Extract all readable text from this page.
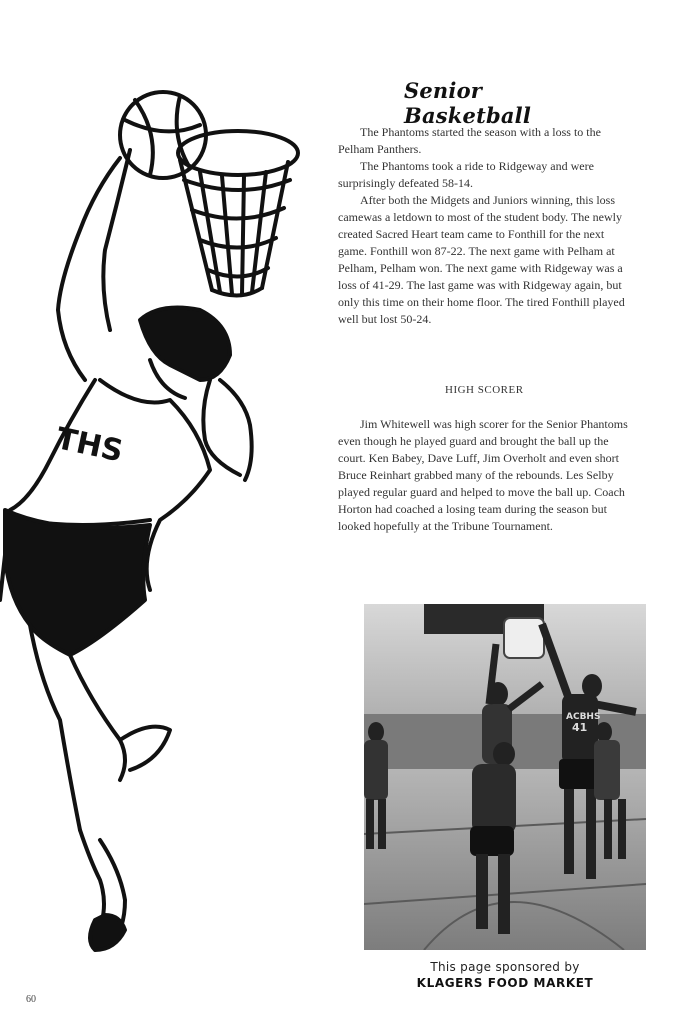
THS
Senior Basketball

The Phantoms started the season with a loss to the Pelham Panthers.

The Phantoms took a ride to Ridgeway and were surprisingly defeated 58-14.

After both the Midgets and Juniors winning, this loss camewas a letdown to most of the student body. The newly created Sacred Heart team came to Fonthill for the next game. Fonthill won 87-22. The next game with Pelham at Pelham, Pelham won. The next game with Ridgeway was a loss of 41-29. The last game was with Ridgeway again, but only this time on their home floor. The tired Fonthill played well but lost 50-24.

HIGH SCORER

Jim Whitewell was high scorer for the Senior Phantoms even though he played guard and brought the ball up the court. Ken Babey, Dave Luff, Jim Overholt and even short Bruce Reinhart grabbed many of the rebounds. Les Selby played regular guard and helped to move the ball up. Coach Horton had coached a losing team during the season but looked hopefully at the Tribune Tournament.

ACBHS
41
This page sponsored by
KLAGERS FOOD MARKET
60
